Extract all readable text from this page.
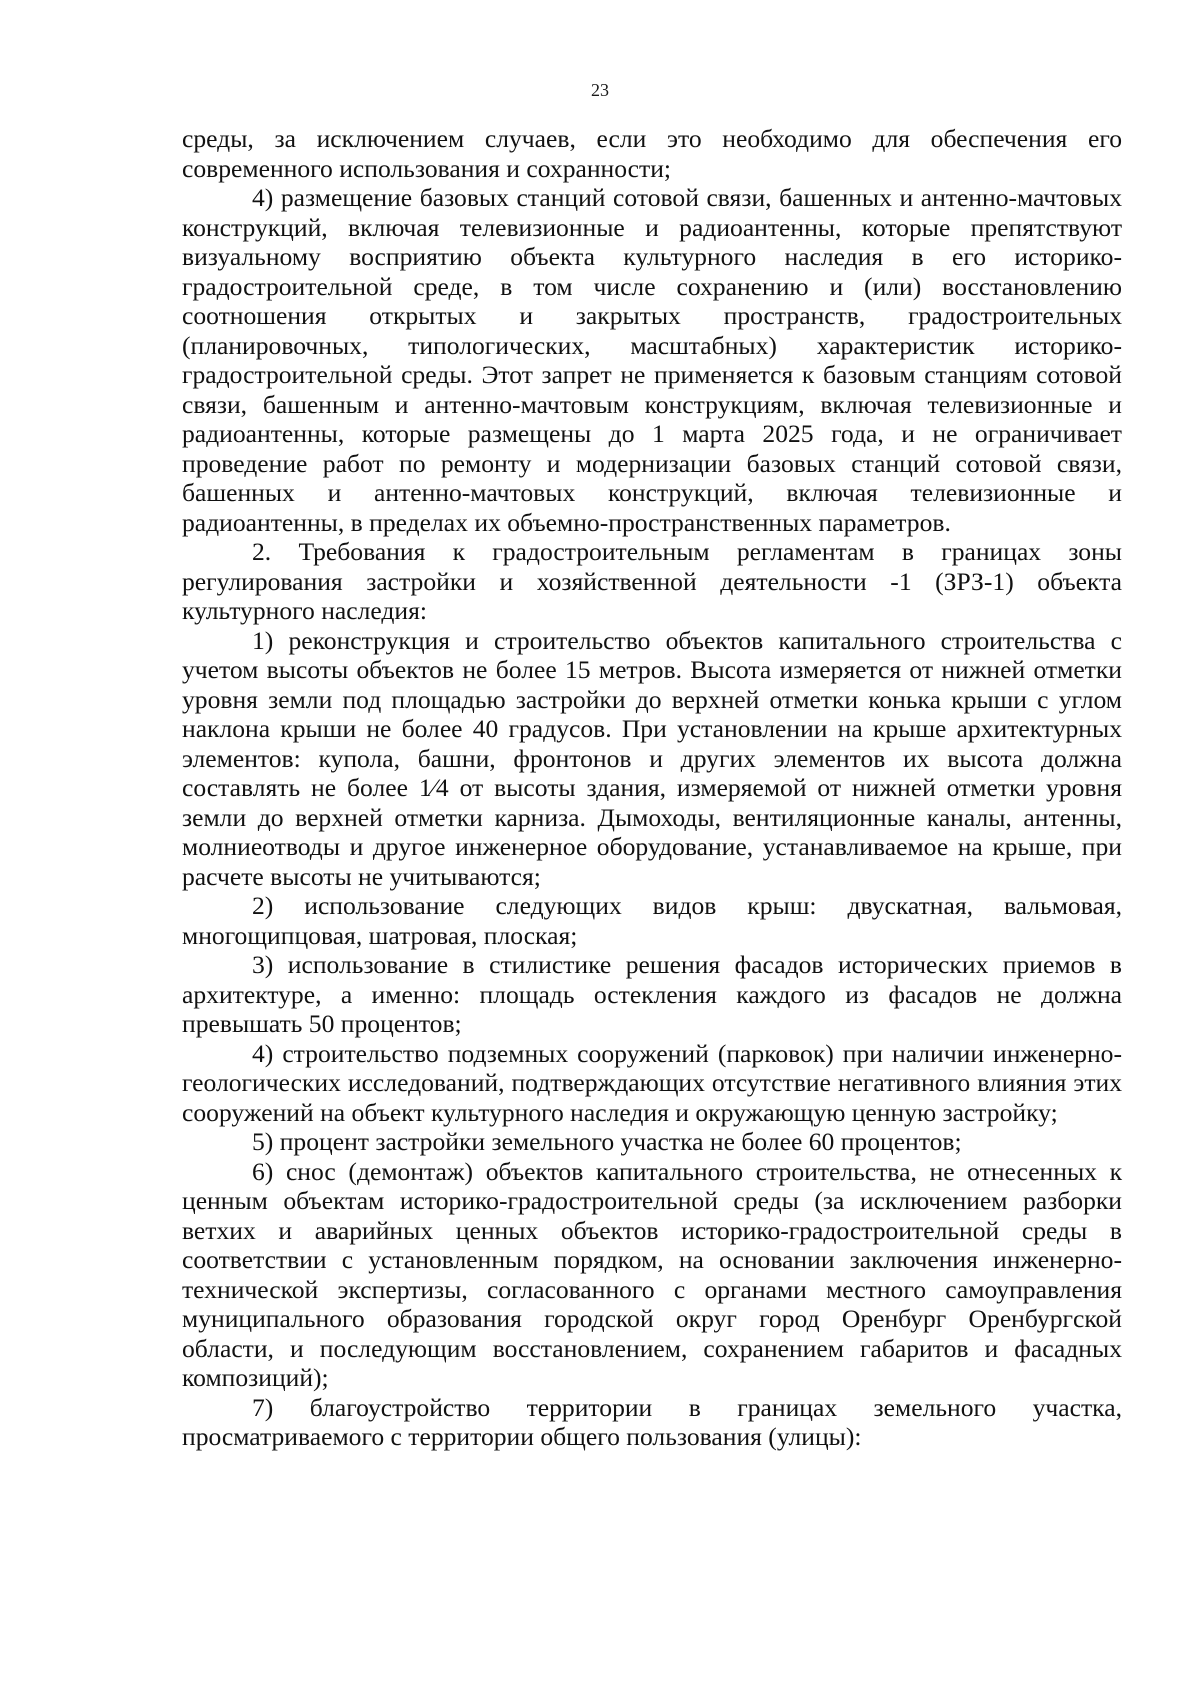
23

среды, за исключением случаев, если это необходимо для обеспечения его современного использования и сохранности;

4) размещение базовых станций сотовой связи, башенных и антенно-мачтовых конструкций, включая телевизионные и радиоантенны, которые препятствуют визуальному восприятию объекта культурного наследия в его историко-градостроительной среде, в том числе сохранению и (или) восстановлению соотношения открытых и закрытых пространств, градостроительных (планировочных, типологических, масштабных) характеристик историко-градостроительной среды. Этот запрет не применяется к базовым станциям сотовой связи, башенным и антенно-мачтовым конструкциям, включая телевизионные и радиоантенны, которые размещены до 1 марта 2025 года, и не ограничивает проведение работ по ремонту и модернизации базовых станций сотовой связи, башенных и антенно-мачтовых конструкций, включая телевизионные и радиоантенны, в пределах их объемно-пространственных параметров.

2. Требования к градостроительным регламентам в границах зоны регулирования застройки и хозяйственной деятельности -1 (ЗРЗ-1) объекта культурного наследия:

1) реконструкция и строительство объектов капитального строительства с учетом высоты объектов не более 15 метров. Высота измеряется от нижней отметки уровня земли под площадью застройки до верхней отметки конька крыши с углом наклона крыши не более 40 градусов. При установлении на крыше архитектурных элементов: купола, башни, фронтонов и других элементов их высота должна составлять не более 1⁄4 от высоты здания, измеряемой от нижней отметки уровня земли до верхней отметки карниза. Дымоходы, вентиляционные каналы, антенны, молниеотводы и другое инженерное оборудование, устанавливаемое на крыше, при расчете высоты не учитываются;

2) использование следующих видов крыш: двускатная, вальмовая, многощипцовая, шатровая, плоская;

3) использование в стилистике решения фасадов исторических приемов в архитектуре, а именно: площадь остекления каждого из фасадов не должна превышать 50 процентов;

4) строительство подземных сооружений (парковок) при наличии инженерно-геологических исследований, подтверждающих отсутствие негативного влияния этих сооружений на объект культурного наследия и окружающую ценную застройку;

5) процент застройки земельного участка не более 60 процентов;

6) снос (демонтаж) объектов капитального строительства, не отнесенных к ценным объектам историко-градостроительной среды (за исключением разборки ветхих и аварийных ценных объектов историко-градостроительной среды в соответствии с установленным порядком, на основании заключения инженерно-технической экспертизы, согласованного с органами местного самоуправления муниципального образования городской округ город Оренбург Оренбургской области, и последующим восстановлением, сохранением габаритов и фасадных композиций);

7) благоустройство территории в границах земельного участка, просматриваемого с территории общего пользования (улицы):
